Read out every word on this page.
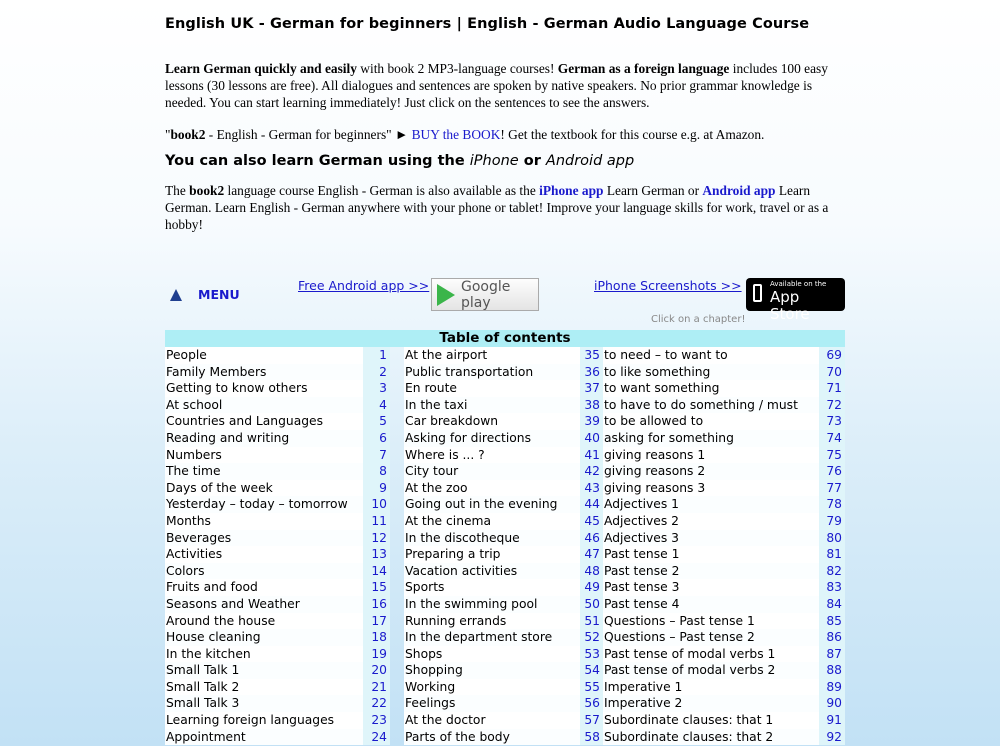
English UK - German for beginners | English - German Audio Language Course

Learn German quickly and easily with book 2 MP3-language courses! German as a foreign language includes 100 easy lessons (30 lessons are free). All dialogues and sentences are spoken by native speakers. No prior grammar knowledge is needed. You can start learning immediately! Just click on the sentences to see the answers.

"book2 - English - German for beginners" ► BUY the BOOK! Get the textbook for this course e.g. at Amazon.

You can also learn German using the iPhone or Android app

The book2 language course English - German is also available as the iPhone app Learn German or Android app Learn German. Learn English - German anywhere with your phone or tablet! Improve your language skills for work, travel or as a hobby!

MENU
Free Android app >> Google play
iPhone Screenshots >>	Available on the
App Store
Click on a chapter!
Table of contents
People	1
Family Members	2
Getting to know others	3
At school	4
Countries and Languages	5
Reading and writing	6
Numbers	7
The time	8
Days of the week	9
Yesterday – today – tomorrow	10
Months	11
Beverages	12
Activities	13
Colors	14
Fruits and food	15
Seasons and Weather	16
Around the house	17
House cleaning	18
In the kitchen	19
Small Talk 1	20
Small Talk 2	21
Small Talk 3	22
Learning foreign languages	23
Appointment	24
At the airport	35
Public transportation	36
En route	37
In the taxi	38
Car breakdown	39
Asking for directions	40
Where is ... ?	41
City tour	42
At the zoo	43
Going out in the evening	44
At the cinema	45
In the discotheque	46
Preparing a trip	47
Vacation activities	48
Sports	49
In the swimming pool	50
Running errands	51
In the department store	52
Shops	53
Shopping	54
Working	55
Feelings	56
At the doctor	57
Parts of the body	58
to need – to want to	69
to like something	70
to want something	71
to have to do something / must	72
to be allowed to	73
asking for something	74
giving reasons 1	75
giving reasons 2	76
giving reasons 3	77
Adjectives 1	78
Adjectives 2	79
Adjectives 3	80
Past tense 1	81
Past tense 2	82
Past tense 3	83
Past tense 4	84
Questions – Past tense 1	85
Questions – Past tense 2	86
Past tense of modal verbs 1	87
Past tense of modal verbs 2	88
Imperative 1	89
Imperative 2	90
Subordinate clauses: that 1	91
Subordinate clauses: that 2	92
